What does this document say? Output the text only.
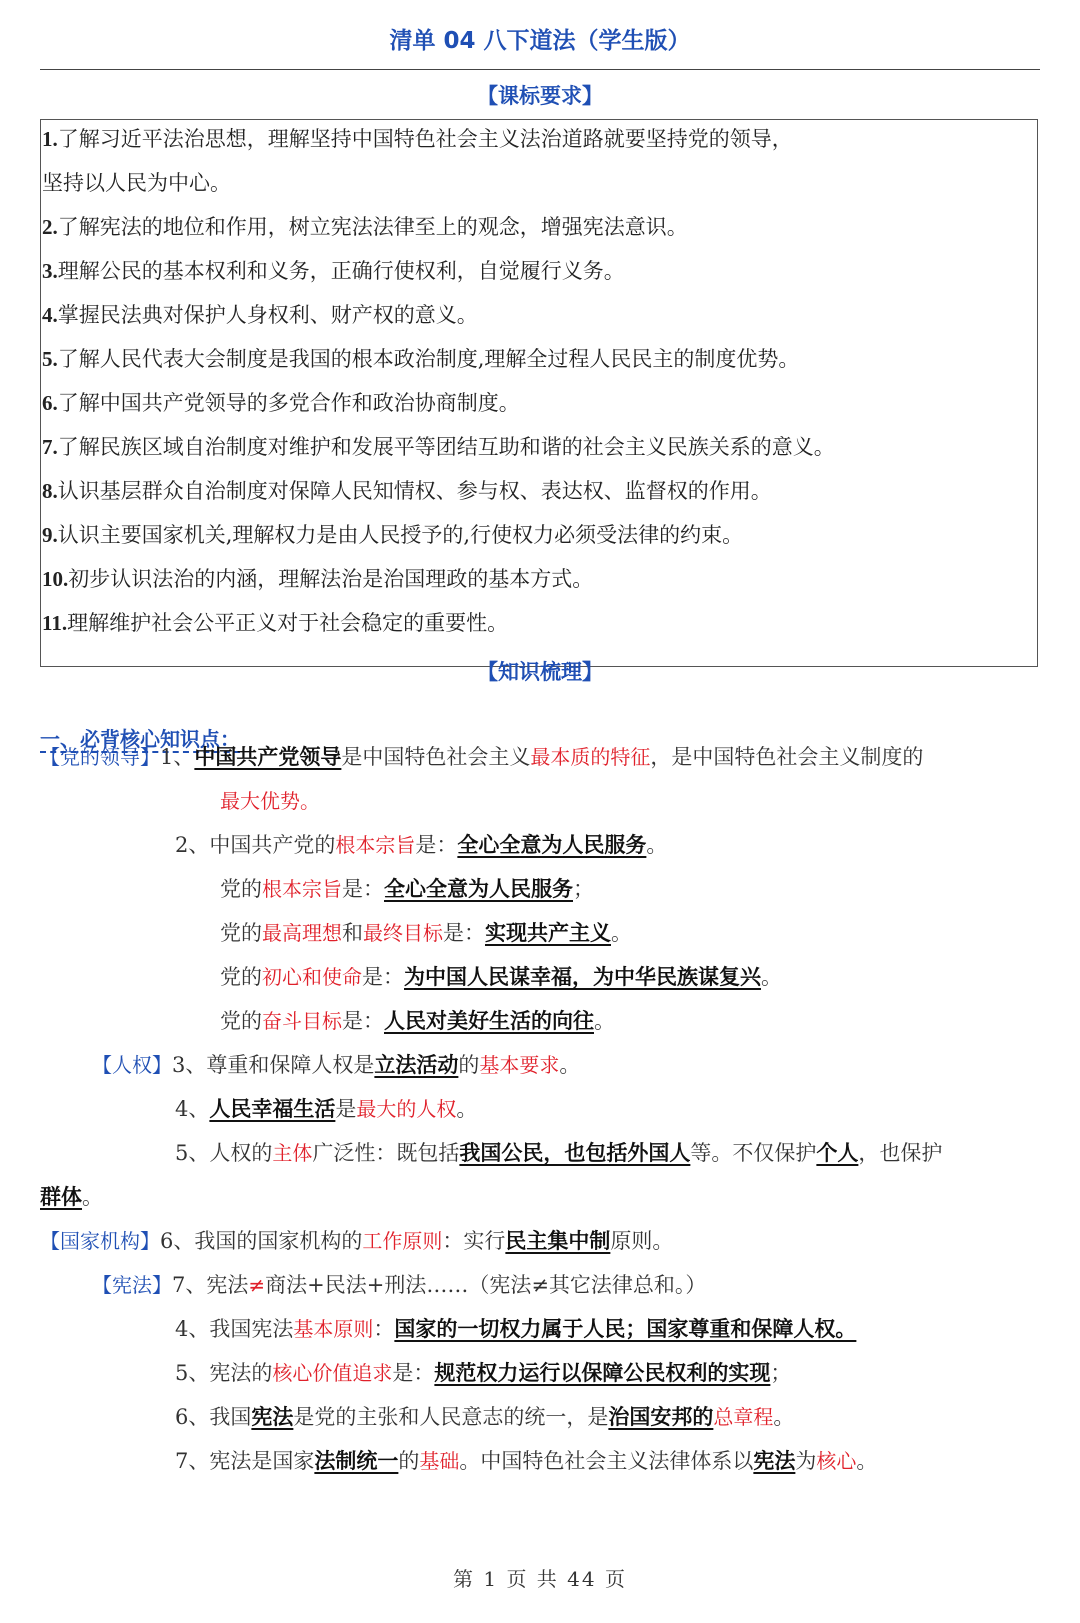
清单 04 八下道法（学生版）
【课标要求】
1.了解习近平法治思想，理解坚持中国特色社会主义法治道路就要坚持党的领导，
坚持以人民为中心。
2.了解宪法的地位和作用，树立宪法法律至上的观念，增强宪法意识。
3.理解公民的基本权利和义务，正确行使权利，自觉履行义务。
4.掌握民法典对保护人身权利、财产权的意义。
5.了解人民代表大会制度是我国的根本政治制度,理解全过程人民民主的制度优势。
6.了解中国共产党领导的多党合作和政治协商制度。
7.了解民族区域自治制度对维护和发展平等团结互助和谐的社会主义民族关系的意义。
8.认识基层群众自治制度对保障人民知情权、参与权、表达权、监督权的作用。
9.认识主要国家机关,理解权力是由人民授予的,行使权力必须受法律的约束。
10.初步认识法治的内涵，理解法治是治国理政的基本方式。
11.理解维护社会公平正义对于社会稳定的重要性。
【知识梳理】
一、必背核心知识点：
【党的领导】1、中国共产党领导是中国特色社会主义最本质的特征，是中国特色社会主义制度的
最大优势。
2、中国共产党的根本宗旨是：全心全意为人民服务。
党的根本宗旨是：全心全意为人民服务；
党的最高理想和最终目标是：实现共产主义。
党的初心和使命是：为中国人民谋幸福，为中华民族谋复兴。
党的奋斗目标是：人民对美好生活的向往。
【人权】3、尊重和保障人权是立法活动的基本要求。
4、人民幸福生活是最大的人权。
5、人权的主体广泛性：既包括我国公民，也包括外国人等。不仅保护个人，也保护
群体。
【国家机构】6、我国的国家机构的工作原则：实行民主集中制原则。
【宪法】7、宪法≠商法+民法+刑法……（宪法≠其它法律总和。）
4、我国宪法基本原则：国家的一切权力属于人民；国家尊重和保障人权。
5、宪法的核心价值追求是：规范权力运行以保障公民权利的实现；
6、我国宪法是党的主张和人民意志的统一，是治国安邦的总章程。
7、宪法是国家法制统一的基础。中国特色社会主义法律体系以宪法为核心。
第 1 页 共 44 页
